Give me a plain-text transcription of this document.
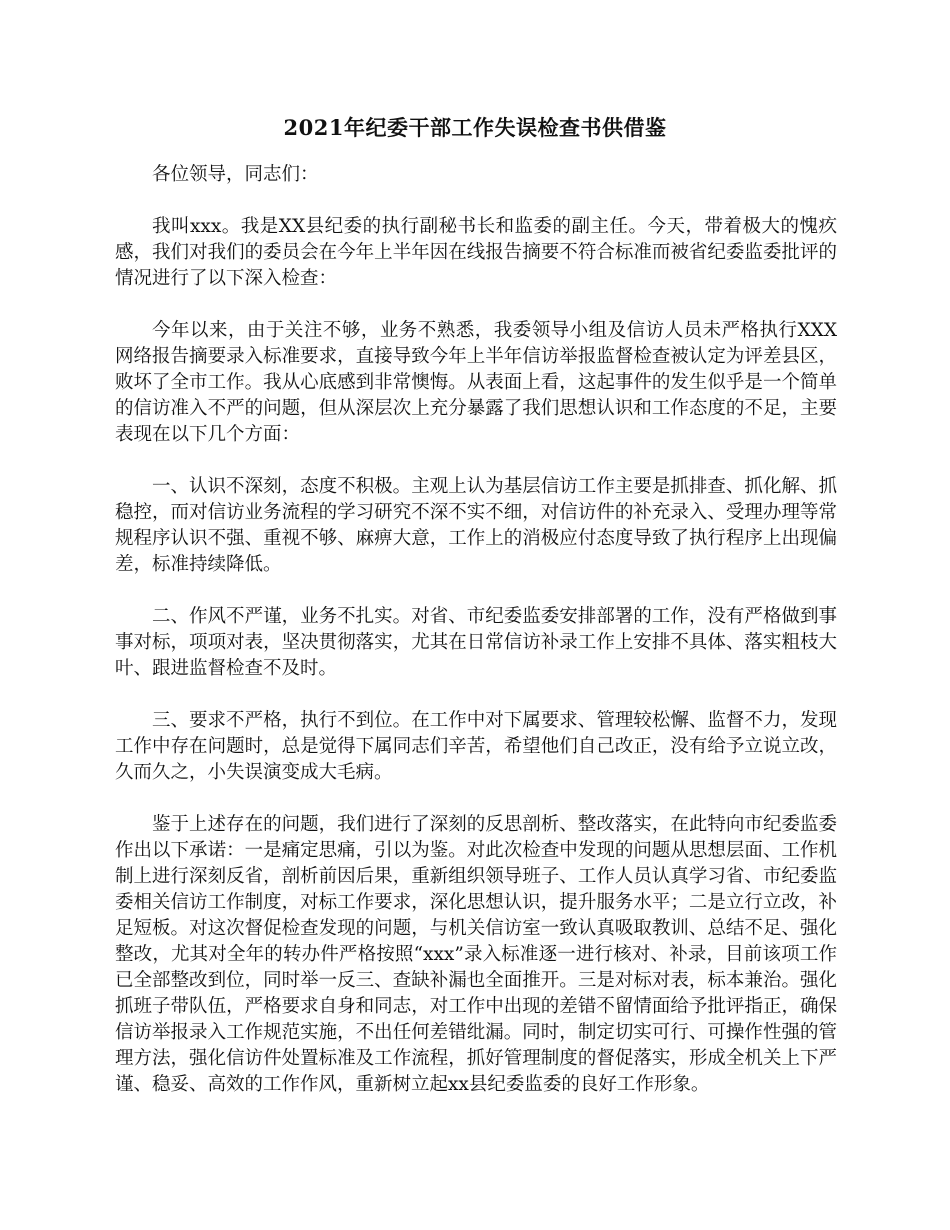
2021年纪委干部工作失误检查书供借鉴

各位领导，同志们：

我叫xxx。我是XX县纪委的执行副秘书长和监委的副主任。今天，带着极大的愧疚感，我们对我们的委员会在今年上半年因在线报告摘要不符合标准而被省纪委监委批评的情况进行了以下深入检查：

今年以来，由于关注不够，业务不熟悉，我委领导小组及信访人员未严格执行XXX网络报告摘要录入标准要求，直接导致今年上半年信访举报监督检查被认定为评差县区，败坏了全市工作。我从心底感到非常懊悔。从表面上看，这起事件的发生似乎是一个简单的信访准入不严的问题，但从深层次上充分暴露了我们思想认识和工作态度的不足，主要表现在以下几个方面：

一、认识不深刻，态度不积极。主观上认为基层信访工作主要是抓排查、抓化解、抓稳控，而对信访业务流程的学习研究不深不实不细，对信访件的补充录入、受理办理等常规程序认识不强、重视不够、麻痹大意，工作上的消极应付态度导致了执行程序上出现偏差，标准持续降低。

二、作风不严谨，业务不扎实。对省、市纪委监委安排部署的工作，没有严格做到事事对标，项项对表，坚决贯彻落实，尤其在日常信访补录工作上安排不具体、落实粗枝大叶、跟进监督检查不及时。

三、要求不严格，执行不到位。在工作中对下属要求、管理较松懈、监督不力，发现工作中存在问题时，总是觉得下属同志们辛苦，希望他们自己改正，没有给予立说立改，久而久之，小失误演变成大毛病。

鉴于上述存在的问题，我们进行了深刻的反思剖析、整改落实，在此特向市纪委监委作出以下承诺：一是痛定思痛，引以为鉴。对此次检查中发现的问题从思想层面、工作机制上进行深刻反省，剖析前因后果，重新组织领导班子、工作人员认真学习省、市纪委监委相关信访工作制度，对标工作要求，深化思想认识，提升服务水平；二是立行立改，补足短板。对这次督促检查发现的问题，与机关信访室一致认真吸取教训、总结不足、强化整改，尤其对全年的转办件严格按照“xxx”录入标准逐一进行核对、补录，目前该项工作已全部整改到位，同时举一反三、查缺补漏也全面推开。三是对标对表，标本兼治。强化抓班子带队伍，严格要求自身和同志，对工作中出现的差错不留情面给予批评指正，确保信访举报录入工作规范实施，不出任何差错纰漏。同时，制定切实可行、可操作性强的管理方法，强化信访件处置标准及工作流程，抓好管理制度的督促落实，形成全机关上下严谨、稳妥、高效的工作作风，重新树立起xx县纪委监委的良好工作形象。
